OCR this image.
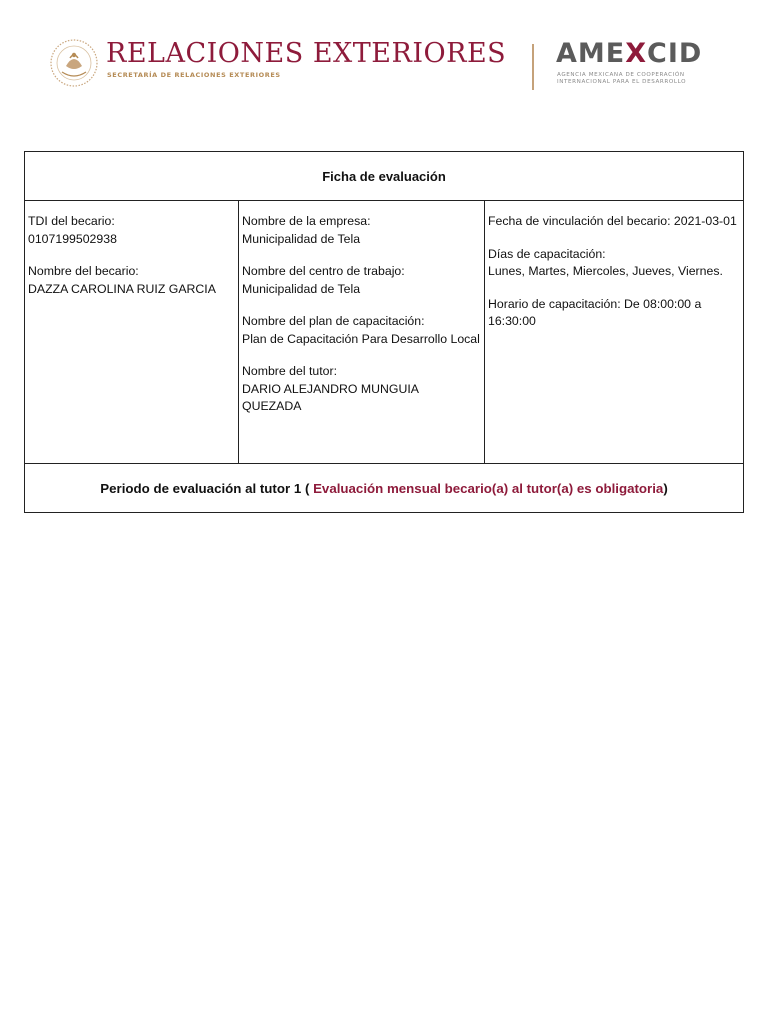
RELACIONES EXTERIORES
SECRETARÍA DE RELACIONES EXTERIORES
AME X CID
AGENCIA MEXICANA DE COOPERACIÓN
INTERNACIONAL PARA EL DESARROLLO
Ficha de evaluación

TDI del becario:
0107199502938
Nombre del becario:
DAZZA CAROLINA RUIZ GARCIA

Nombre de la empresa:
Municipalidad de Tela
Nombre del centro de trabajo:
Municipalidad de Tela
Nombre del plan de capacitación:
Plan de Capacitación Para Desarrollo Local
Nombre del tutor:
DARIO ALEJANDRO MUNGUIA QUEZADA

Fecha de vinculación del becario: 2021-03-01
Días de capacitación:
Lunes, Martes, Miercoles, Jueves, Viernes.
Horario de capacitación: De 08:00:00 a 16:30:00

Periodo de evaluación al tutor 1 ( Evaluación mensual becario(a) al tutor(a) es obligatoria)
